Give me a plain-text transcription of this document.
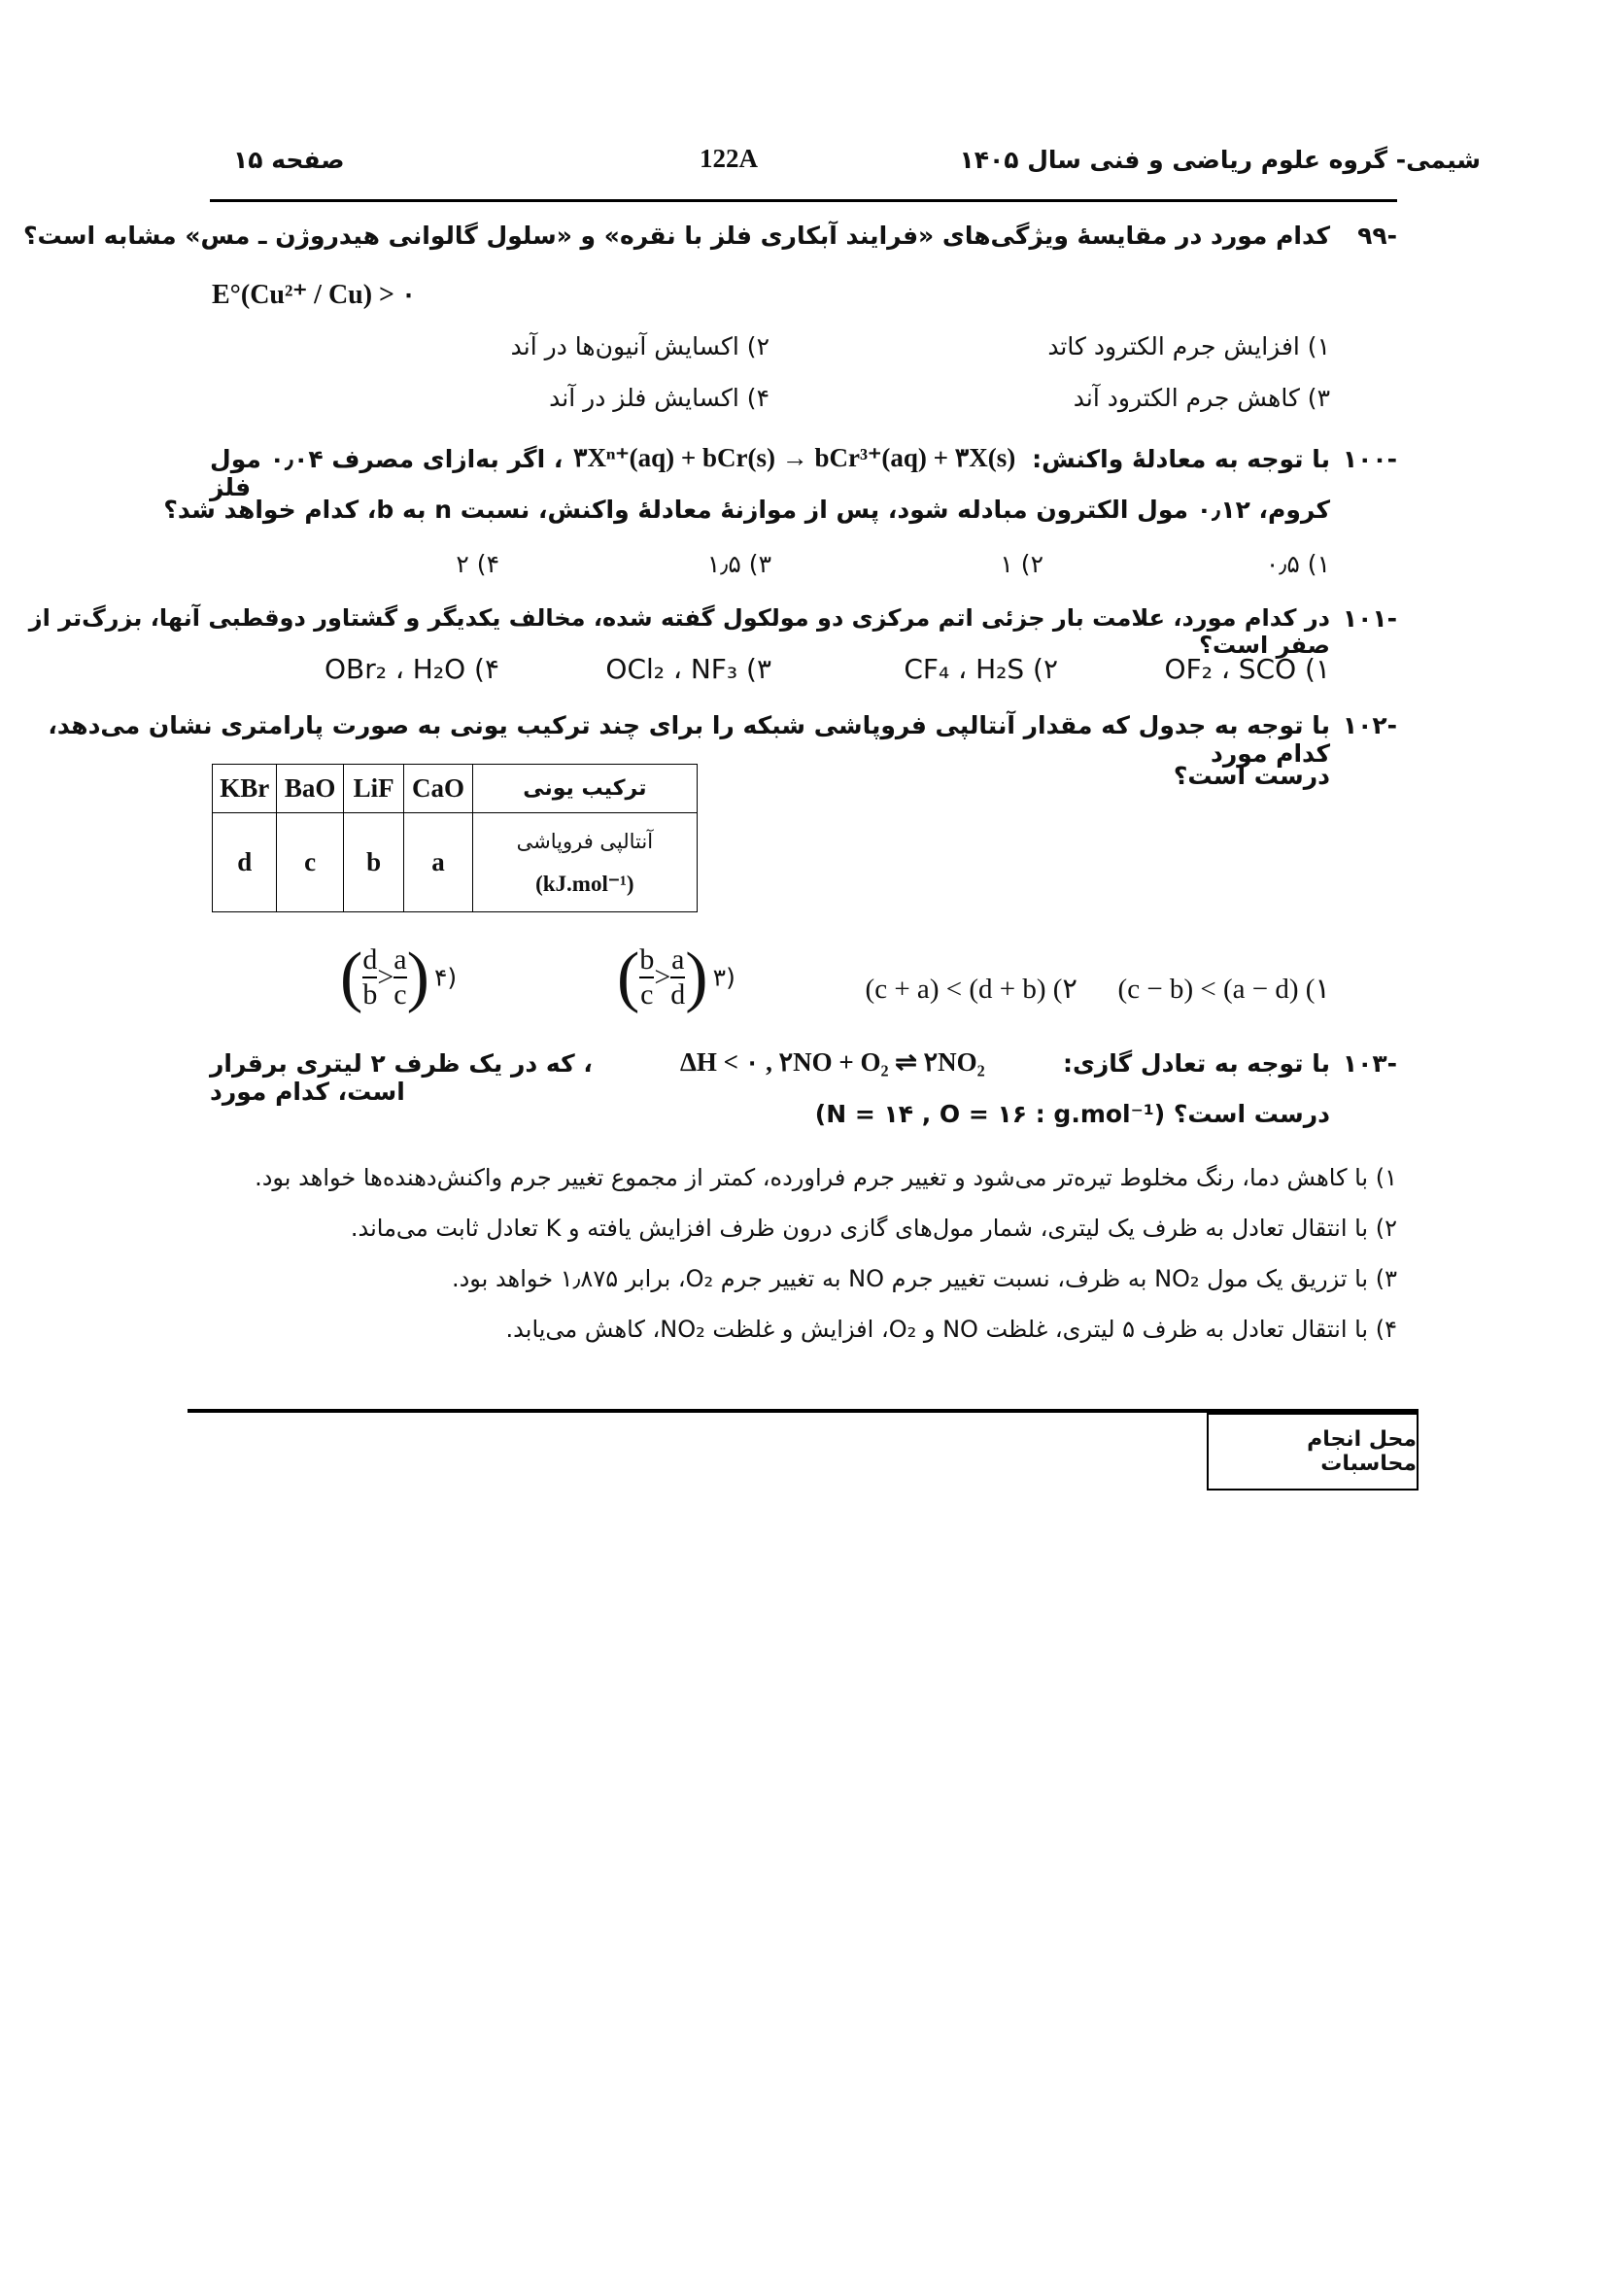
شیمی- گروه علوم ریاضی و فنی سال ۱۴۰۵
122A
صفحه ۱۵
-۹۹
کدام مورد در مقایسهٔ ویژگی‌های «فرایند آبکاری فلز با نقره» و «سلول گالوانی هیدروژن ـ مس» مشابه است؟
E°(Cu²⁺ / Cu) > ۰
۱) افزایش جرم الکترود کاتد
۲) اکسایش آنیون‌ها در آند
۳) کاهش جرم الکترود آند
۴) اکسایش فلز در آند
-۱۰۰
با توجه به معادلهٔ واکنش:
۳Xⁿ⁺(aq) + bCr(s) → bCr³⁺(aq) + ۳X(s)
، اگر به‌ازای مصرف ۰٫۰۴ مول فلز
کروم، ۰٫۱۲ مول الکترون مبادله شود، پس از موازنهٔ معادلهٔ واکنش، نسبت n به b، کدام خواهد شد؟
۱) ۰٫۵
۲) ۱
۳) ۱٫۵
۴) ۲
-۱۰۱
در کدام مورد، علامت بار جزئی اتم مرکزی دو مولکول گفته شده، مخالف یکدیگر و گشتاور دوقطبی آنها، بزرگ‌تر از صفر است؟
۱) OF₂ ، SCO
۲) CF₄ ، H₂S
۳) OCl₂ ، NF₃
۴) OBr₂ ، H₂O
-۱۰۲
با توجه به جدول که مقدار آنتالپی فروپاشی شبکه را برای چند ترکیب یونی به صورت پارامتری نشان می‌دهد، کدام مورد
درست است؟
KBr	BaO	LiF	CaO	ترکیب یونی
d	c	b	a	آنتالپی فروپاشی
(kJ.mol⁻¹)
۱) (a − d) > (c − b)
۲) (d + b) > (c + a)
( $\frac{b}{c} > \frac{a}{d}$ ) ۳)
( $\frac{d}{b} > \frac{a}{c}$ ) ۴)
-۱۰۳
با توجه به تعادل گازی:
ΔH < ۰ , ۲NO + O₂ ⇌ ۲NO₂
، که در یک ظرف ۲ لیتری برقرار است، کدام مورد
درست است؟ (N = ۱۴ , O = ۱۶ : g.mol⁻¹)
۱) با کاهش دما، رنگ مخلوط تیره‌تر می‌شود و تغییر جرم فراورده، کمتر از مجموع تغییر جرم واکنش‌دهنده‌ها خواهد بود.
۲) با انتقال تعادل به ظرف یک لیتری، شمار مول‌های گازی درون ظرف افزایش یافته و K تعادل ثابت می‌ماند.
۳) با تزریق یک مول NO₂ به ظرف، نسبت تغییر جرم NO به تغییر جرم O₂، برابر ۱٫۸۷۵ خواهد بود.
۴) با انتقال تعادل به ظرف ۵ لیتری، غلظت NO و O₂، افزایش و غلظت NO₂، کاهش می‌یابد.
محل انجام محاسبات
